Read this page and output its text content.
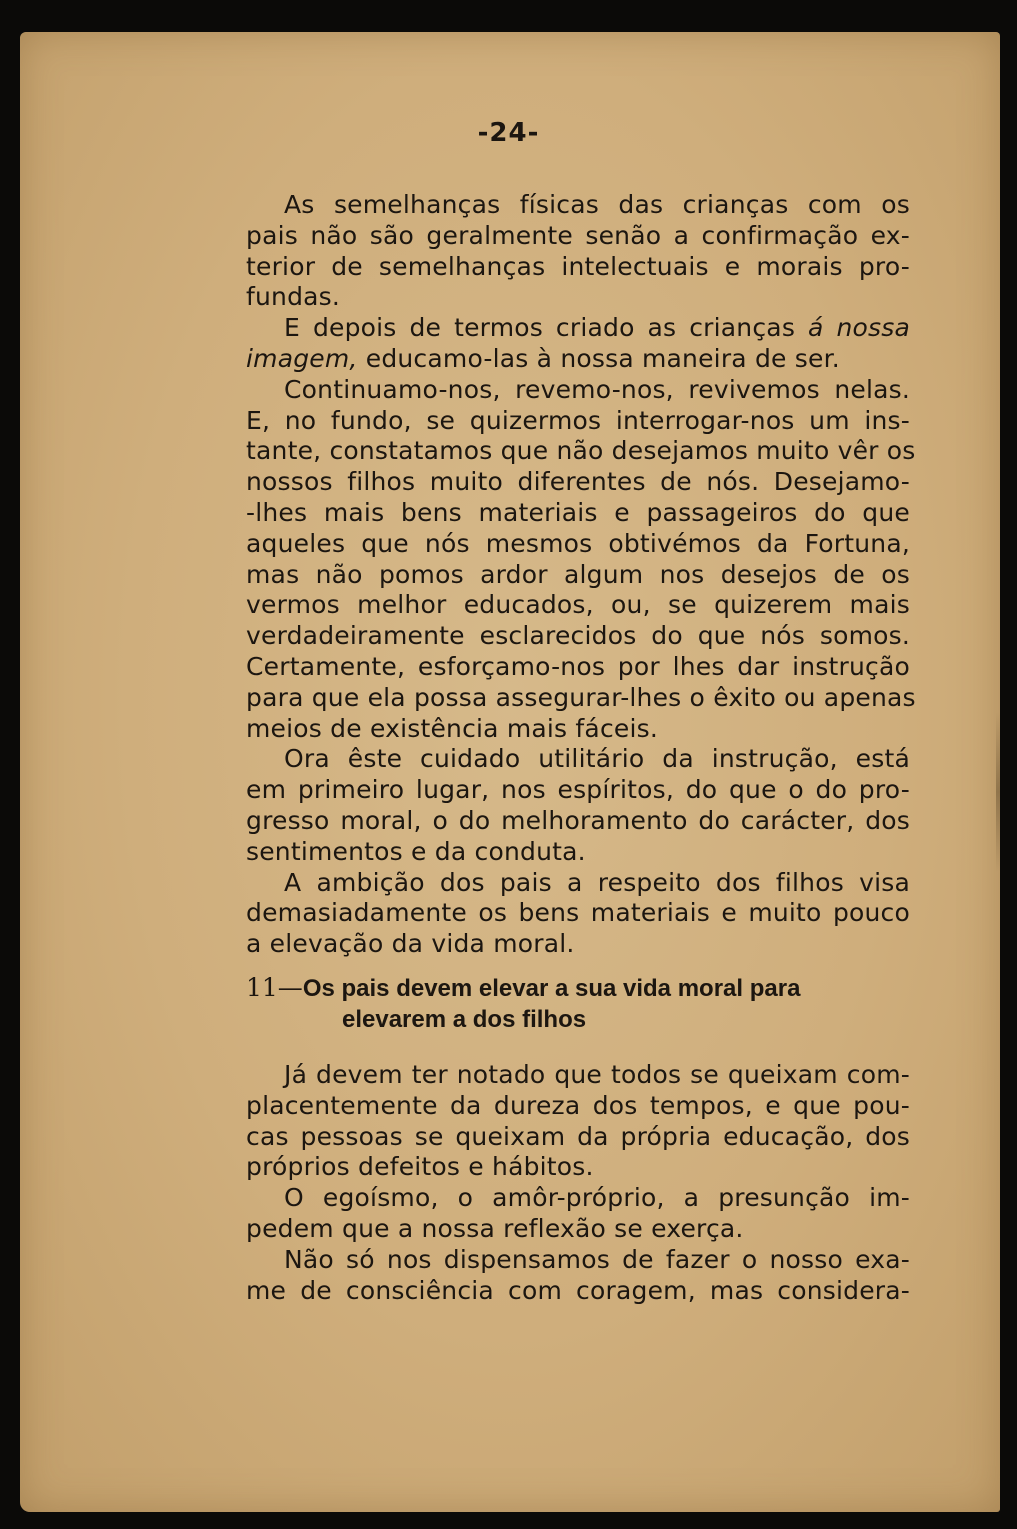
-24-
As semelhanças físicas das crianças com os
pais não são geralmente senão a confirmação ex-
terior de semelhanças intelectuais e morais pro-
fundas.
E depois de termos criado as crianças á nossa
imagem, educamo-las à nossa maneira de ser.
Continuamo-nos, revemo-nos, revivemos nelas.
E, no fundo, se quizermos interrogar-nos um ins-
tante, constatamos que não desejamos muito vêr os
nossos filhos muito diferentes de nós. Desejamo-
-lhes mais bens materiais e passageiros do que
aqueles que nós mesmos obtivémos da Fortuna,
mas não pomos ardor algum nos desejos de os
vermos melhor educados, ou, se quizerem mais
verdadeiramente esclarecidos do que nós somos.
Certamente, esforçamo-nos por lhes dar instrução
para que ela possa assegurar-lhes o êxito ou apenas
meios de existência mais fáceis.
Ora êste cuidado utilitário da instrução, está
em primeiro lugar, nos espíritos, do que o do pro-
gresso moral, o do melhoramento do carácter, dos
sentimentos e da conduta.
A ambição dos pais a respeito dos filhos visa
demasiadamente os bens materiais e muito pouco
a elevação da vida moral.
11—Os pais devem elevar a sua vida moral para
elevarem a dos filhos
Já devem ter notado que todos se queixam com-
placentemente da dureza dos tempos, e que pou-
cas pessoas se queixam da própria educação, dos
próprios defeitos e hábitos.
O egoísmo, o amôr-próprio, a presunção im-
pedem que a nossa reflexão se exerça.
Não só nos dispensamos de fazer o nosso exa-
me de consciência com coragem, mas considera-
